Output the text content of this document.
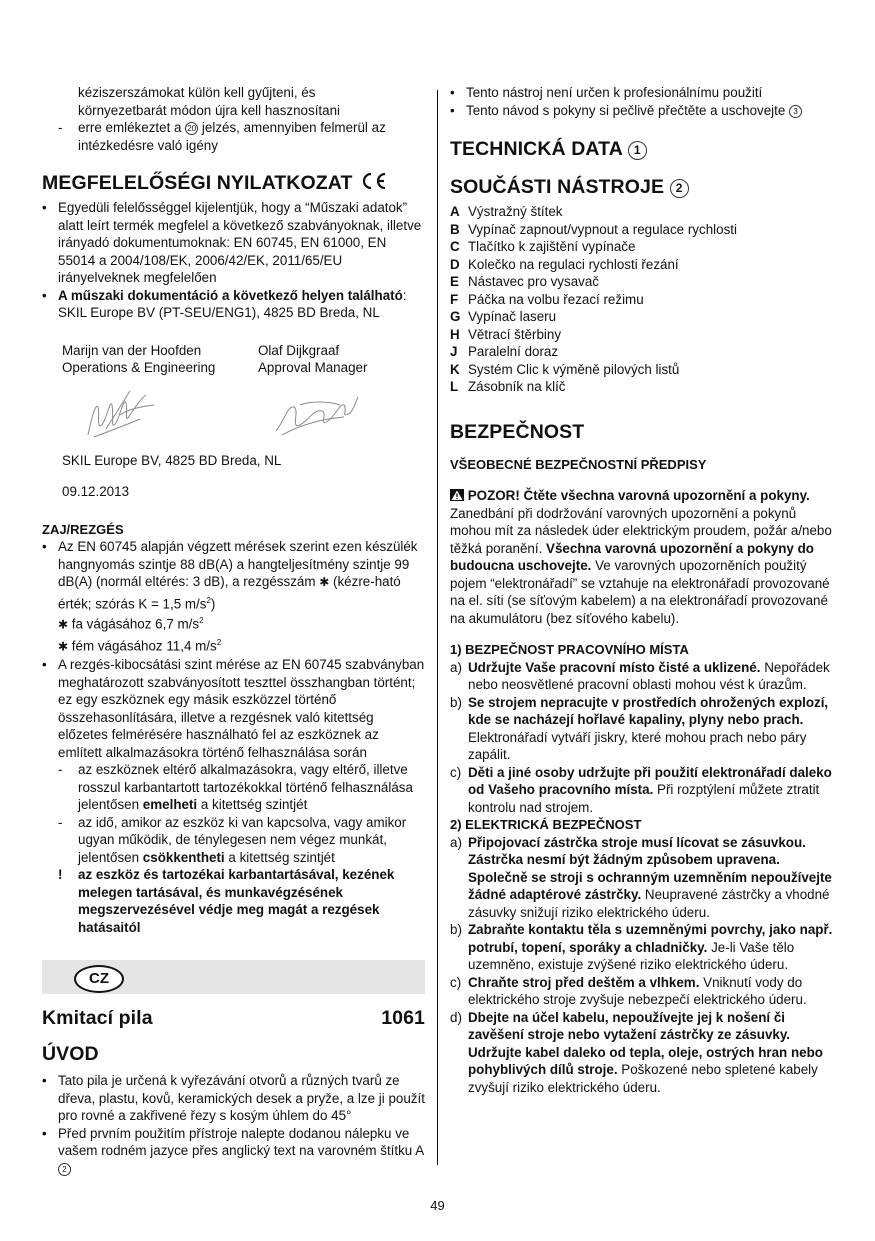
kéziszerszámokat külön kell gyűjteni, és

környezetbarát módon újra kell hasznosítani

- erre emlékeztet a 20 jelzés, amennyiben felmerül az intézkedésre való igény
MEGFELELŐSÉGI NYILATKOZAT
• Egyedüli felelősséggel kijelentjük, hogy a “Műszaki adatok” alatt leírt termék megfelel a következő szabványoknak, illetve irányadó dokumentumoknak: EN 60745, EN 61000, EN 55014 a 2004/108/EK, 2006/42/EK, 2011/65/EU irányelveknek megfelelően
• A műszaki dokumentáció a következő helyen található: SKIL Europe BV (PT-SEU/ENG1), 4825 BD Breda, NL

Marijn van der Hoofden

Operations & Engineering

Olaf Dijkgraaf

Approval Manager

SKIL Europe BV, 4825 BD Breda, NL

09.12.2013

ZAJ/REZGÉS

• Az EN 60745 alapján végzett mérések szerint ezen készülék hangnyomás szintje 88 dB(A) a hangteljesítmény szintje 99 dB(A) (normál eltérés: 3 dB), a rezgésszám ✱ (kézre-ható érték; szórás K = 1,5 $m/s^2$)
✱ fa vágásához 6,7 $m/s^2$
✱ fém vágásához 11,4 $m/s^2$
• A rezgés-kibocsátási szint mérése az EN 60745 szabványban meghatározott szabványosított teszttel összhangban történt; ez egy eszköznek egy másik eszközzel történő összehasonlítására, illetve a rezgésnek való kitettség előzetes felmérésére használható fel az eszköznek az említett alkalmazásokra történő felhasználása során
- az eszköznek eltérő alkalmazásokra, vagy eltérő, illetve rosszul karbantartott tartozékokkal történő felhasználása jelentősen emelheti a kitettség szintjét
- az idő, amikor az eszköz ki van kapcsolva, vagy amikor ugyan működik, de ténylegesen nem végez munkát, jelentősen csökkentheti a kitettség szintjét
! az eszköz és tartozékai karbantartásával, kezének melegen tartásával, és munkavégzésének megszervezésével védje meg magát a rezgések hatásaitól
CZ
Kmitací pila	1061
ÚVOD
• Tato pila je určená k vyřezávání otvorů a různých tvarů ze dřeva, plastu, kovů, keramických desek a pryže, a lze ji použít pro rovné a zakřivené řezy s kosým úhlem do 45°
• Před prvním použitím přístroje nalepte dodanou nálepku ve vašem rodném jazyce přes anglický text na varovném štítku A 2
• Tento nástroj není určen k profesionálnímu použití
• Tento návod s pokyny si pečlivě přečtěte a uschovejte 3
TECHNICKÁ DATA 1
SOUČÁSTI NÁSTROJE 2
A Výstražný štítek
B Vypínač zapnout/vypnout a regulace rychlosti
C Tlačítko k zajištění vypínače
D Kolečko na regulaci rychlosti řezání
E Nástavec pro vysavač
F Páčka na volbu řezací režimu
G Vypínač laseru
H Větrací štěrbiny
J Paralelní doraz
K Systém Clic k výměně pilových listů
L Zásobník na klíč
BEZPEČNOST

VŠEOBECNÉ BEZPEČNOSTNÍ PŘEDPISY

POZOR! Čtěte všechna varovná upozornění a pokyny. Zanedbání při dodržování varovných upozornění a pokynů mohou mít za následek úder elektrickým proudem, požár a/nebo těžká poranění. Všechna varovná upozornění a pokyny do budoucna uschovejte. Ve varovných upozorněních použitý pojem “elektronářadí” se vztahuje na elektronářadí provozované na el. síti (se síťovým kabelem) a na elektronářadí provozované na akumulátoru (bez síťového kabelu).

1) BEZPEČNOST PRACOVNÍHO MÍSTA

a) Udržujte Vaše pracovní místo čisté a uklizené. Nepořádek nebo neosvětlené pracovní oblasti mohou vést k úrazům.
b) Se strojem nepracujte v prostředích ohrožených explozí, kde se nacházejí hořlavé kapaliny, plyny nebo prach. Elektronářadí vytváří jiskry, které mohou prach nebo páry zapálit.
c) Děti a jiné osoby udržujte při použití elektronářadí daleko od Vašeho pracovního místa. Při rozptýlení můžete ztratit kontrolu nad strojem.

2) ELEKTRICKÁ BEZPEČNOST

a) Připojovací zástrčka stroje musí lícovat se zásuvkou. Zástrčka nesmí být žádným způsobem upravena. Společně se stroji s ochranným uzemněním nepoužívejte žádné adaptérové zástrčky. Neupravené zástrčky a vhodné zásuvky snižují riziko elektrického úderu.
b) Zabraňte kontaktu těla s uzemněnými povrchy, jako např. potrubí, topení, sporáky a chladničky. Je-li Vaše tělo uzemněno, existuje zvýšené riziko elektrického úderu.
c) Chraňte stroj před deštěm a vlhkem. Vniknutí vody do elektrického stroje zvyšuje nebezpečí elektrického úderu.
d) Dbejte na účel kabelu, nepoužívejte jej k nošení či zavěšení stroje nebo vytažení zástrčky ze zásuvky. Udržujte kabel daleko od tepla, oleje, ostrých hran nebo pohyblivých dílů stroje. Poškozené nebo spletené kabely zvyšují riziko elektrického úderu.
49
